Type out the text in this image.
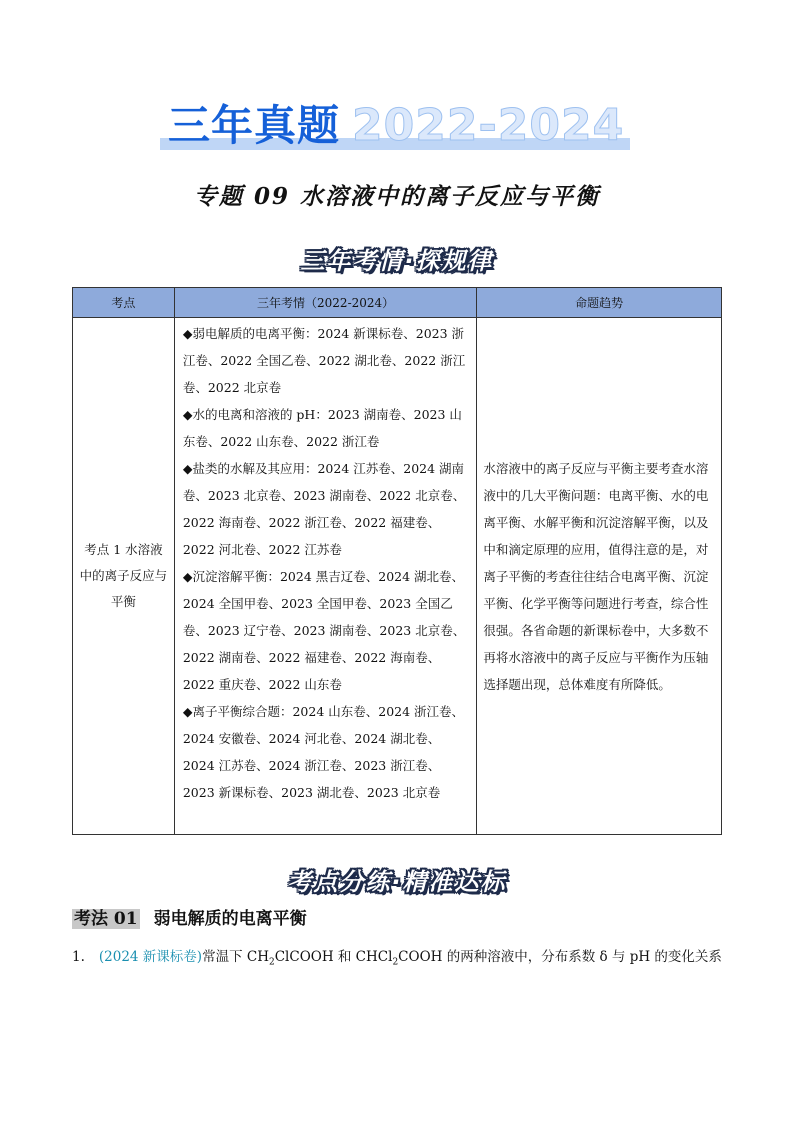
三年真题 2022-2024
专题 09 水溶液中的离子反应与平衡
三年考情·探规律
考点	三年考情（2022-2024）	命题趋势
考点 1 水溶液中的离子反应与平衡	◆弱电解质的电离平衡：2024 新课标卷、2023 浙江卷、2022 全国乙卷、2022 湖北卷、2022 浙江卷、2022 北京卷

◆水的电离和溶液的 pH：2023 湖南卷、2023 山东卷、2022 山东卷、2022 浙江卷

◆盐类的水解及其应用：2024 江苏卷、2024 湖南卷、2023 北京卷、2023 湖南卷、2022 北京卷、2022 海南卷、2022 浙江卷、2022 福建卷、2022 河北卷、2022 江苏卷

◆沉淀溶解平衡：2024 黑吉辽卷、2024 湖北卷、2024 全国甲卷、2023 全国甲卷、2023 全国乙卷、2023 辽宁卷、2023 湖南卷、2023 北京卷、2022 湖南卷、2022 福建卷、2022 海南卷、2022 重庆卷、2022 山东卷

◆离子平衡综合题：2024 山东卷、2024 浙江卷、2024 安徽卷、2024 河北卷、2024 湖北卷、2024 江苏卷、2024 浙江卷、2023 浙江卷、2023 新课标卷、2023 湖北卷、2023 北京卷	水溶液中的离子反应与平衡主要考查水溶液中的几大平衡问题：电离平衡、水的电离平衡、水解平衡和沉淀溶解平衡，以及中和滴定原理的应用，值得注意的是，对离子平衡的考查往往结合电离平衡、沉淀平衡、化学平衡等问题进行考查，综合性很强。各省命题的新课标卷中，大多数不再将水溶液中的离子反应与平衡作为压轴选择题出现，总体难度有所降低。
考点分练·精准达标
考法 01 弱电解质的电离平衡
1. (2024 新课标卷)常温下 $CH_2ClCOOH$ 和 CHCl$_2$COOH 的两种溶液中，分布系数 δ 与 pH 的变化关系
